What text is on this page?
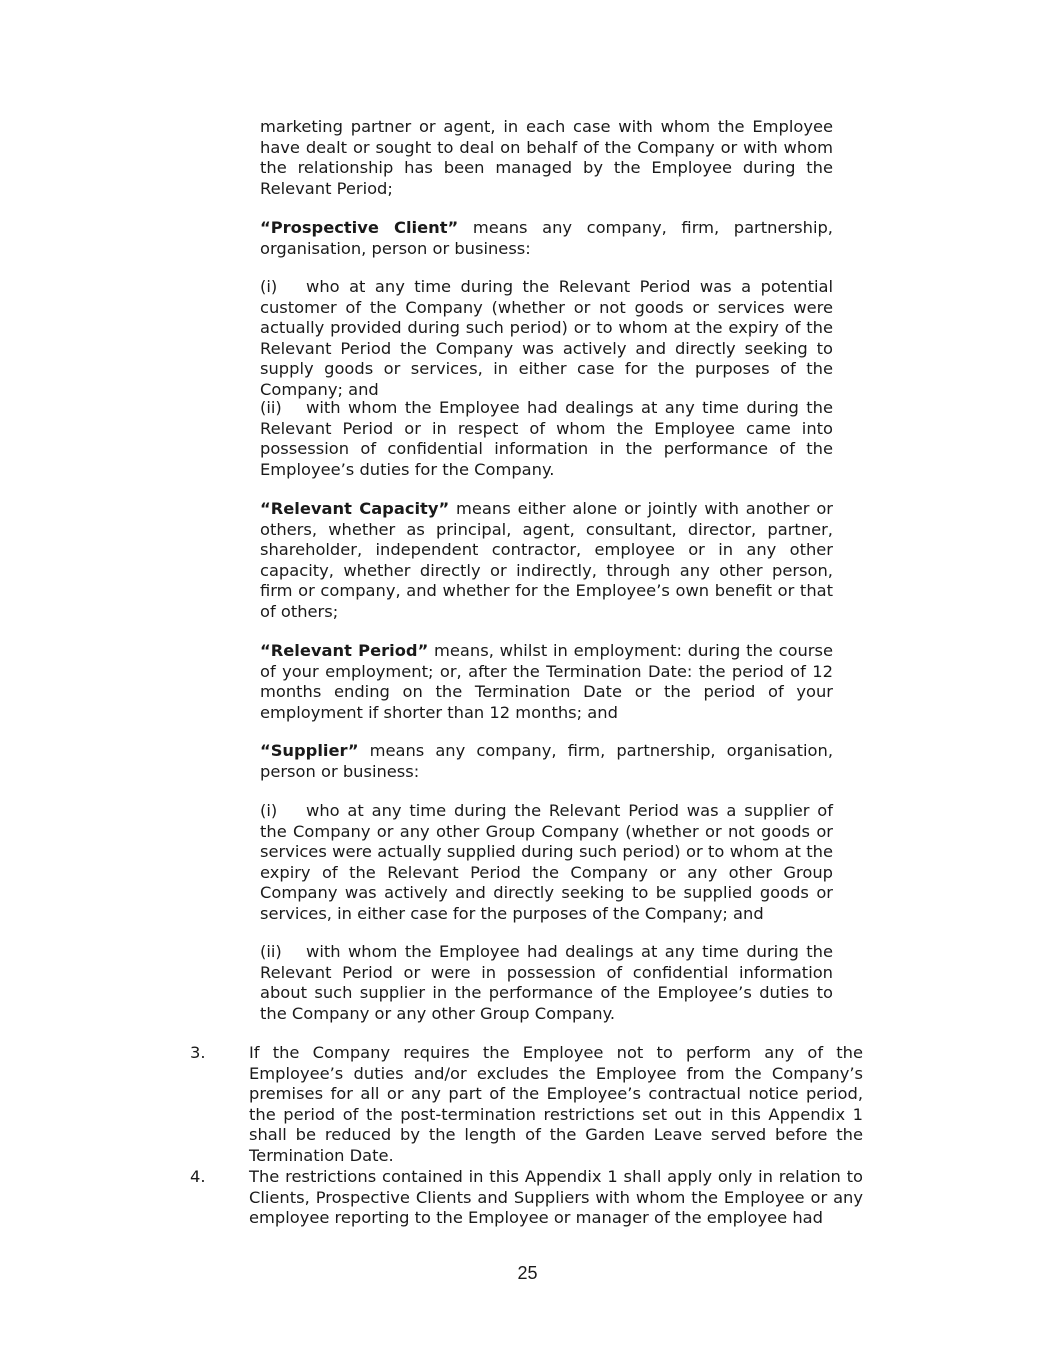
marketing partner or agent, in each case with whom the Employee have dealt or sought to deal on behalf of the Company or with whom the relationship has been managed by the Employee during the Relevant Period;

“Prospective Client” means any company, firm, partnership, organisation, person or business:

(i) who at any time during the Relevant Period was a potential customer of the Company (whether or not goods or services were actually provided during such period) or to whom at the expiry of the Relevant Period the Company was actively and directly seeking to supply goods or services, in either case for the purposes of the Company; and

(ii) with whom the Employee had dealings at any time during the Relevant Period or in respect of whom the Employee came into possession of confidential information in the performance of the Employee’s duties for the Company.

“Relevant Capacity” means either alone or jointly with another or others, whether as principal, agent, consultant, director, partner, shareholder, independent contractor, employee or in any other capacity, whether directly or indirectly, through any other person, firm or company, and whether for the Employee’s own benefit or that of others;

“Relevant Period” means, whilst in employment: during the course of your employment; or, after the Termination Date: the period of 12 months ending on the Termination Date or the period of your employment if shorter than 12 months; and

“Supplier” means any company, firm, partnership, organisation, person or business:

(i) who at any time during the Relevant Period was a supplier of the Company or any other Group Company (whether or not goods or services were actually supplied during such period) or to whom at the expiry of the Relevant Period the Company or any other Group Company was actively and directly seeking to be supplied goods or services, in either case for the purposes of the Company; and

(ii) with whom the Employee had dealings at any time during the Relevant Period or were in possession of confidential information about such supplier in the performance of the Employee’s duties to the Company or any other Group Company.

3.	If the Company requires the Employee not to perform any of the Employee’s duties and/or excludes the Employee from the Company’s premises for all or any part of the Employee’s contractual notice period, the period of the post-termination restrictions set out in this Appendix 1 shall be reduced by the length of the Garden Leave served before the Termination Date.

4.	The restrictions contained in this Appendix 1 shall apply only in relation to Clients, Prospective Clients and Suppliers with whom the Employee or any employee reporting to the Employee or manager of the employee had

25
